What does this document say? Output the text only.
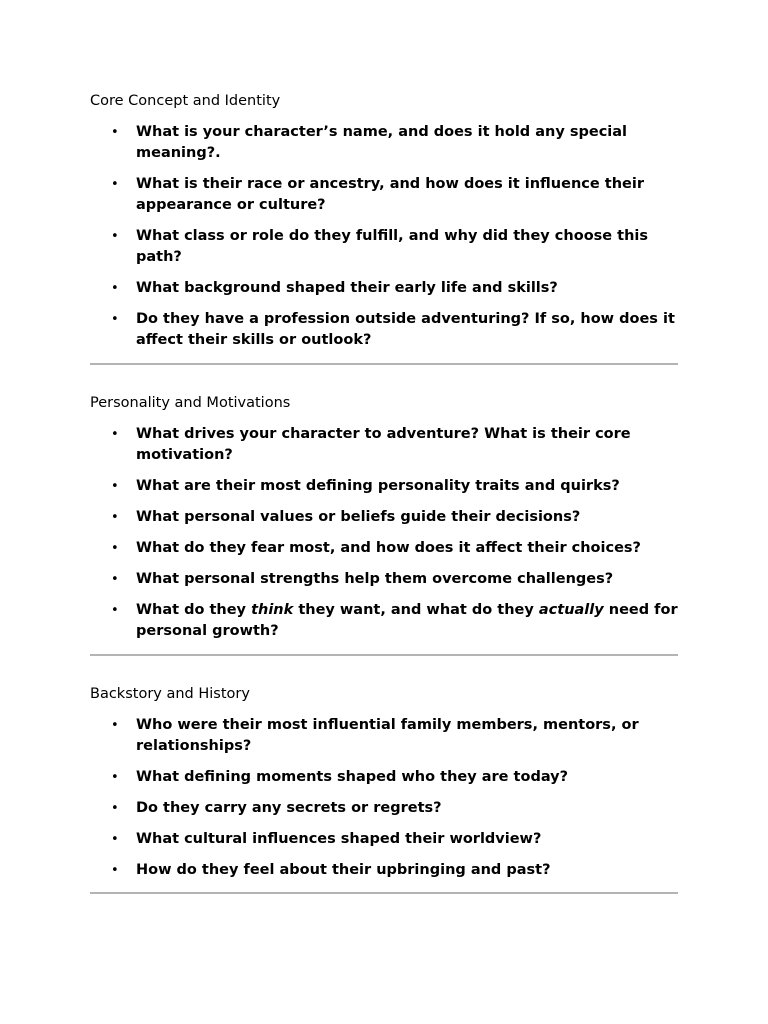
Core Concept and Identity
• What is your character’s name, and does it hold any special meaning?.
• What is their race or ancestry, and how does it influence their appearance or culture?
• What class or role do they fulfill, and why did they choose this path?
• What background shaped their early life and skills?
• Do they have a profession outside adventuring? If so, how does it affect their skills or outlook?
Personality and Motivations
• What drives your character to adventure? What is their core motivation?
• What are their most defining personality traits and quirks?
• What personal values or beliefs guide their decisions?
• What do they fear most, and how does it affect their choices?
• What personal strengths help them overcome challenges?
• What do they think they want, and what do they actually need for personal growth?
Backstory and History
• Who were their most influential family members, mentors, or relationships?
• What defining moments shaped who they are today?
• Do they carry any secrets or regrets?
• What cultural influences shaped their worldview?
• How do they feel about their upbringing and past?
